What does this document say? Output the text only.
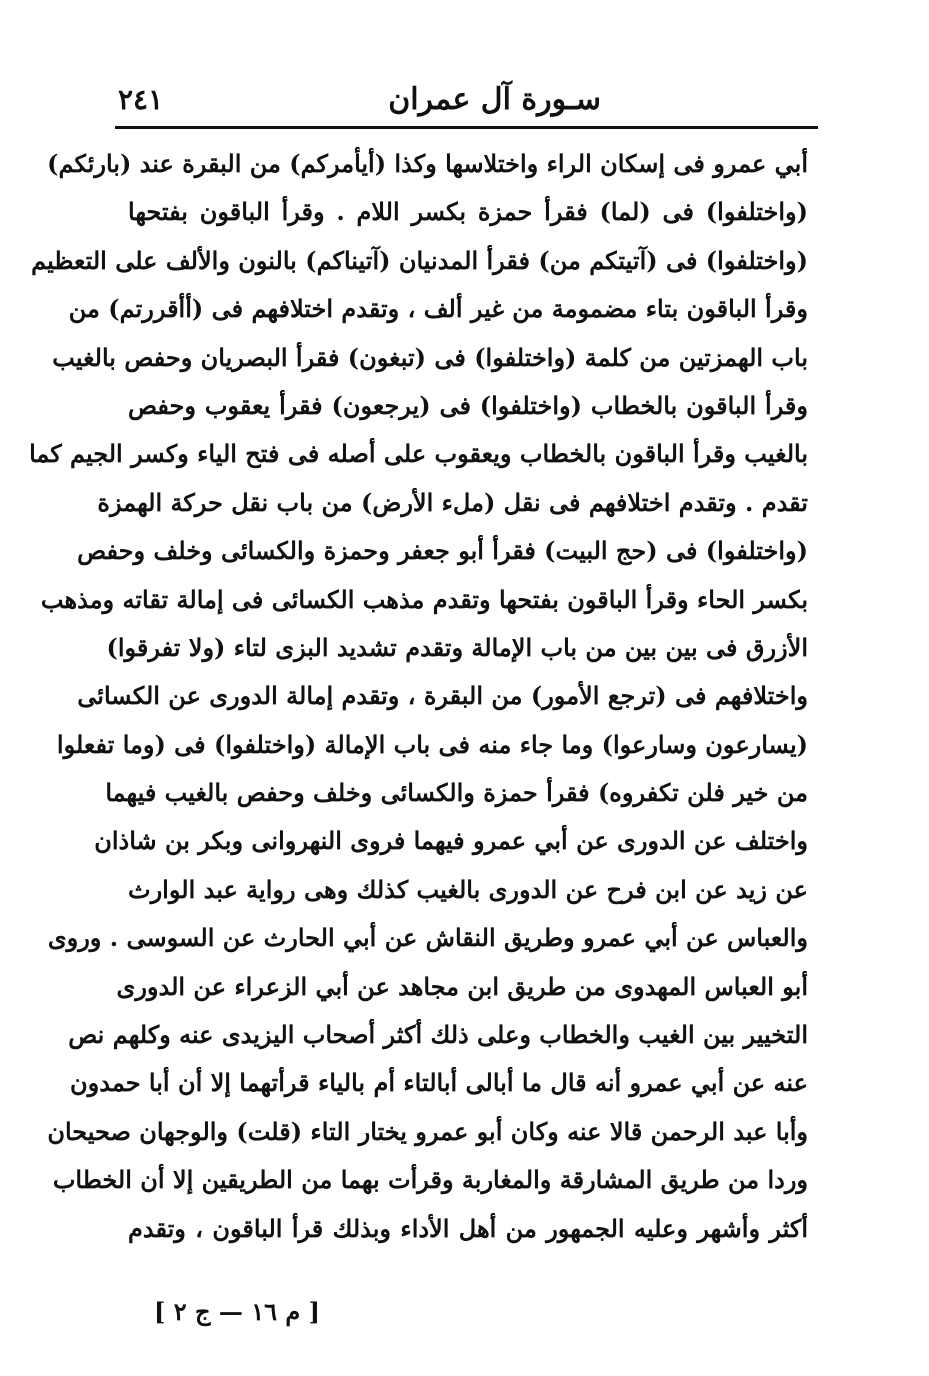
سـورة آل عمران
٢٤١
أبي عمرو فى إسكان الراء واختلاسها وكذا (أيأمركم) من البقرة عند (بارئكم)
(واختلفوا) فى (لما) فقرأ حمزة بكسر اللام . وقرأ الباقون بفتحها
(واختلفوا) فى (آتيتكم من) فقرأ المدنيان (آتيناكم) بالنون والألف على التعظيم
وقرأ الباقون بتاء مضمومة من غير ألف ، وتقدم اختلافهم فى (أأقررتم) من
باب الهمزتين من كلمة (واختلفوا) فى (تبغون) فقرأ البصريان وحفص بالغيب
وقرأ الباقون بالخطاب (واختلفوا) فى (يرجعون) فقرأ يعقوب وحفص
بالغيب وقرأ الباقون بالخطاب ويعقوب على أصله فى فتح الياء وكسر الجيم كما
تقدم . وتقدم اختلافهم فى نقل (ملء الأرض) من باب نقل حركة الهمزة
(واختلفوا) فى (حج البيت) فقرأ أبو جعفر وحمزة والكسائى وخلف وحفص
بكسر الحاء وقرأ الباقون بفتحها وتقدم مذهب الكسائى فى إمالة تقاته ومذهب
الأزرق فى بين بين من باب الإمالة وتقدم تشديد البزى لتاء (ولا تفرقوا)
واختلافهم فى (ترجع الأمور) من البقرة ، وتقدم إمالة الدورى عن الكسائى
(يسارعون وسارعوا) وما جاء منه فى باب الإمالة (واختلفوا) فى (وما تفعلوا
من خير فلن تكفروه) فقرأ حمزة والكسائى وخلف وحفص بالغيب فيهما
واختلف عن الدورى عن أبي عمرو فيهما فروى النهروانى وبكر بن شاذان
عن زيد عن ابن فرح عن الدورى بالغيب كذلك وهى رواية عبد الوارث
والعباس عن أبي عمرو وطريق النقاش عن أبي الحارث عن السوسى . وروى
أبو العباس المهدوى من طريق ابن مجاهد عن أبي الزعراء عن الدورى
التخيير بين الغيب والخطاب وعلى ذلك أكثر أصحاب اليزيدى عنه وكلهم نص
عنه عن أبي عمرو أنه قال ما أبالى أبالتاء أم بالياء قرأتهما إلا أن أبا حمدون
وأبا عبد الرحمن قالا عنه وكان أبو عمرو يختار التاء (قلت) والوجهان صحيحان
وردا من طريق المشارقة والمغاربة وقرأت بهما من الطريقين إلا أن الخطاب
أكثر وأشهر وعليه الجمهور من أهل الأداء وبذلك قرأ الباقون ، وتقدم
[ م ١٦ — ج ٢ ]
